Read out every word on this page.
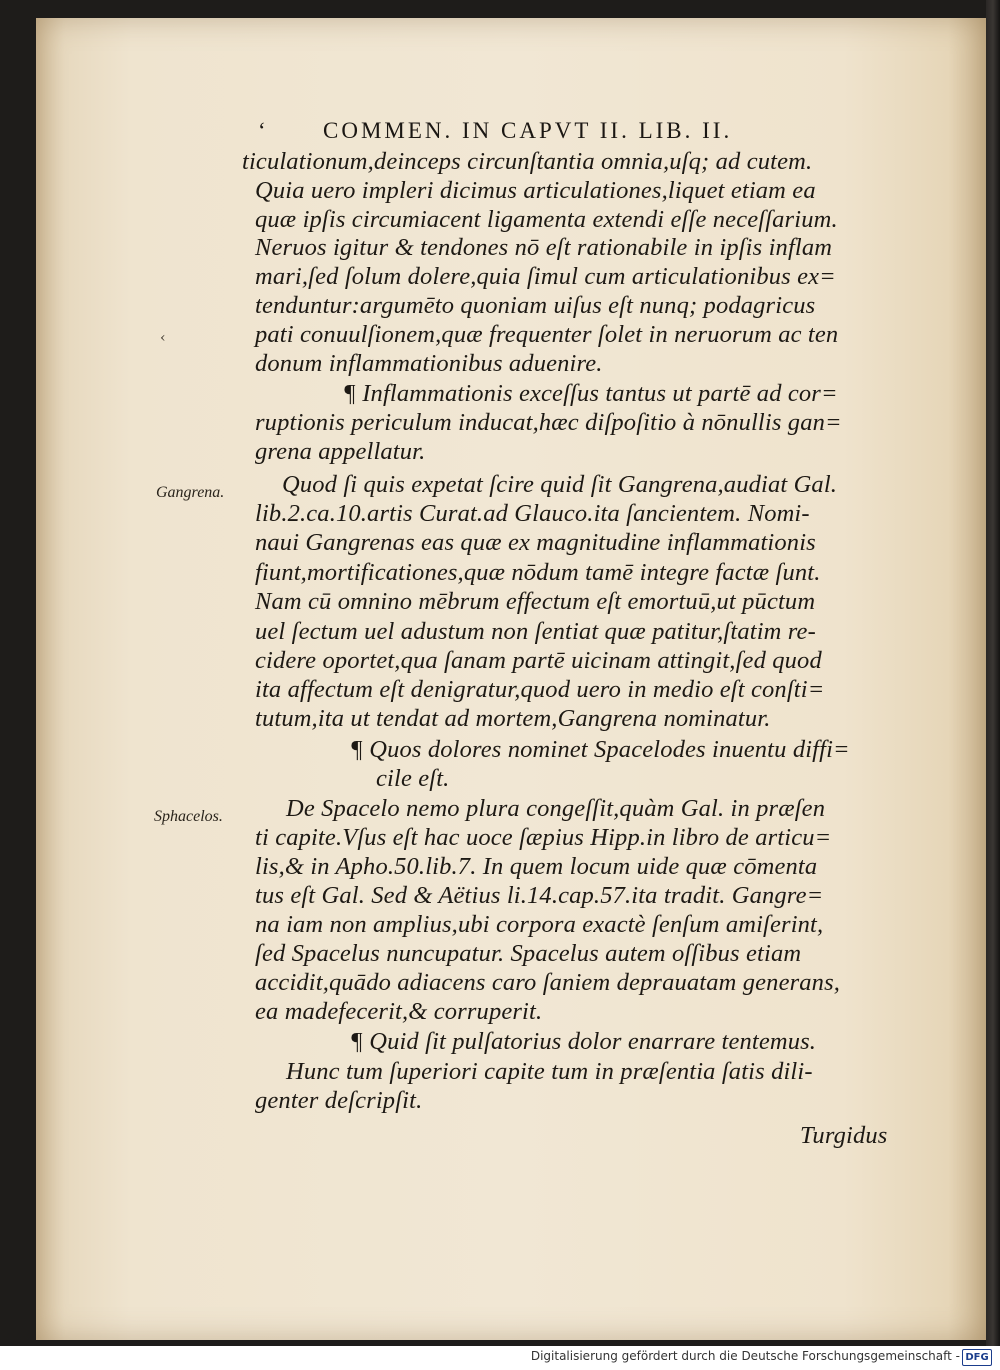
‘ COMMEN. IN CAPVT II. LIB. II.
Gangrena.
Sphacelos.
ticulationum,deinceps circunſtantia omnia,uſq; ad cutem.
Quia uero impleri dicimus articulationes,liquet etiam ea
quæ ipſis circumiacent ligamenta extendi eſſe neceſſarium.
Neruos igitur & tendones nō eſt rationabile in ipſis inflam
mari,ſed ſolum dolere,quia ſimul cum articulationibus ex=
tenduntur:argumēto quoniam uiſus eſt nunq; podagricus
pati conuulſionem,quæ frequenter ſolet in neruorum ac ten
donum inflammationibus aduenire.
¶ Inflammationis exceſſus tantus ut partē ad cor=
ruptionis periculum inducat,hæc diſpoſitio à nōnullis gan=
grena appellatur.
Quod ſi quis expetat ſcire quid ſit Gangrena,audiat Gal.
lib.2.ca.10.artis Curat.ad Glauco.ita ſancientem. Nomi-
naui Gangrenas eas quæ ex magnitudine inflammationis
fiunt,mortificationes,quæ nōdum tamē integre factæ ſunt.
Nam cū omnino mēbrum effectum eſt emortuū,ut pūctum
uel ſectum uel adustum non ſentiat quæ patitur,ſtatim re-
cidere oportet,qua ſanam partē uicinam attingit,ſed quod
ita affectum eſt denigratur,quod uero in medio eſt conſti=
tutum,ita ut tendat ad mortem,Gangrena nominatur.
¶ Quos dolores nominet Spacelodes inuentu diffi=
cile eſt.
De Spacelo nemo plura congeſſit,quàm Gal. in præſen
ti capite.Vſus eſt hac uoce ſæpius Hipp.in libro de articu=
lis,& in Apho.50.lib.7. In quem locum uide quæ cōmenta
tus eſt Gal. Sed & Aëtius li.14.cap.57.ita tradit. Gangre=
na iam non amplius,ubi corpora exactè ſenſum amiſerint,
ſed Spacelus nuncupatur. Spacelus autem oſſibus etiam
accidit,quādo adiacens caro ſaniem deprauatam generans,
ea madefecerit,& corruperit.
¶ Quid ſit pulſatorius dolor enarrare tentemus.
Hunc tum ſuperiori capite tum in præſentia ſatis dili-
genter deſcripſit.
Turgidus
‹
Digitalisierung gefördert durch die Deutsche Forschungsgemeinschaft - DFG
